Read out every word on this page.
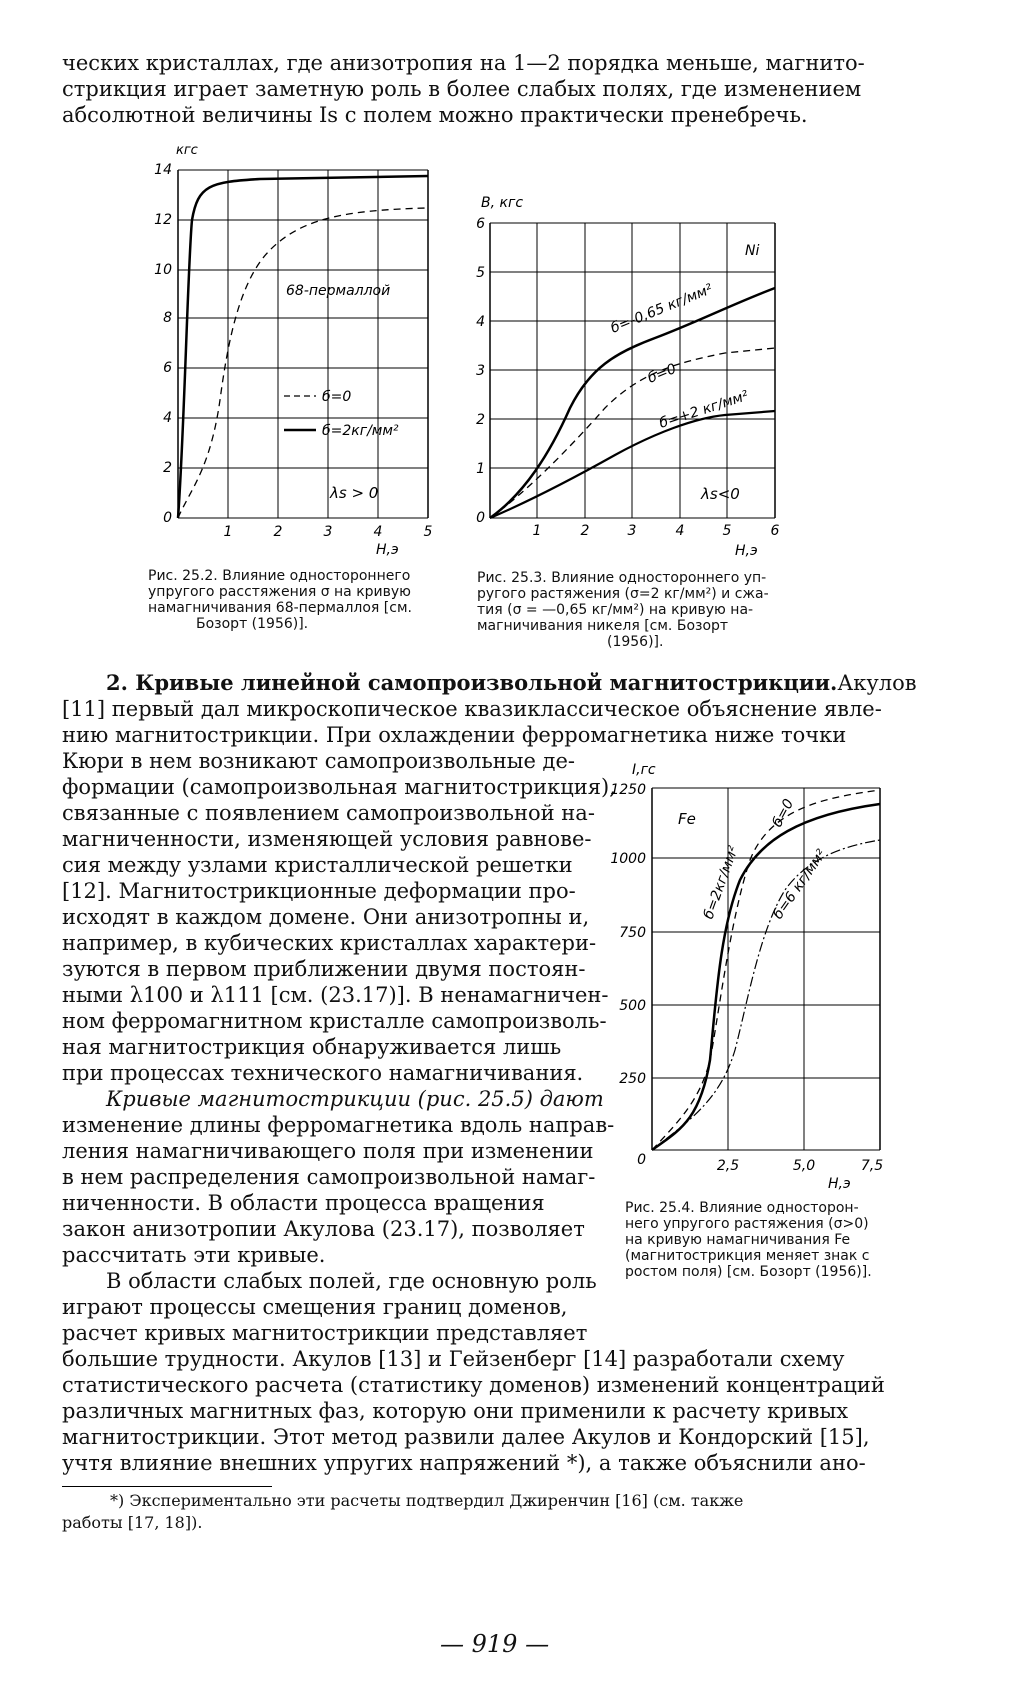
ческих кристаллах, где анизотропия на 1—2 порядка меньше, магнито-
стрикция играет заметную роль в более слабых полях, где изменением
абсолютной величины Is с полем можно практически пренебречь.
кгс
0
2
4
6
8
10
12
14
1	2	3	4	5
Н,э
68-пермаллой
б=0
б=2кг/мм²
λs > 0
Рис. 25.2. Влияние одностороннего
упругого расстяжения σ на кривую
намагничивания 68-пермаллоя [см.
Бозорт (1956)].
В, кгс
0
1
2
3
4
5
6
1	2	3	4	5	6
Н,э
Ni
б=-0,65 кг/мм²
б=0
б=+2 кг/мм²
λs<0
Рис. 25.3. Влияние одностороннего уп-
ругого растяжения (σ=2 кг/мм²) и сжа-
тия (σ = —0,65 кг/мм²) на кривую на-
магничивания никеля [см. Бозорт
(1956)].
2. Кривые линейной самопроизвольной магнитострикции. Акулов
[11] первый дал микроскопическое квазиклассическое объяснение явле-
нию магнитострикции. При охлаждении ферромагнетика ниже точки
Кюри в нем возникают самопроизвольные де-
формации (самопроизвольная магнитострикция),
связанные с появлением самопроизвольной на-
магниченности, изменяющей условия равнове-
сия между узлами кристаллической решетки
[12]. Магнитострикционные деформации про-
исходят в каждом домене. Они анизотропны и,
например, в кубических кристаллах характери-
зуются в первом приближении двумя постоян-
ными λ100 и λ111 [см. (23.17)]. В ненамагничен-
ном ферромагнитном кристалле самопроизволь-
ная магнитострикция обнаруживается лишь
при процессах технического намагничивания.
Кривые магнитострикции (рис. 25.5) дают
изменение длины ферромагнетика вдоль направ-
ления намагничивающего поля при изменении
в нем распределения самопроизвольной намаг-
ниченности. В области процесса вращения
закон анизотропии Акулова (23.17), позволяет
рассчитать эти кривые.
В области слабых полей, где основную роль
играют процессы смещения границ доменов,
расчет кривых магнитострикции представляет
I,гс
0
250
500
750
1000
1250
2,5	5,0	7,5
Н,э
Fe	б=0
б=2кг/мм² б=6 кг/мм²
Рис. 25.4. Влияние односторон-
него упругого растяжения (σ>0)
на кривую намагничивания Fe
(магнитострикция меняет знак с
ростом поля) [см. Бозорт (1956)].
большие трудности. Акулов [13] и Гейзенберг [14] разработали схему
статистического расчета (статистику доменов) изменений концентраций
различных магнитных фаз, которую они применили к расчету кривых
магнитострикции. Этот метод развили далее Акулов и Кондорский [15],
учтя влияние внешних упругих напряжений *), а также объяснили ано-
*) Экспериментально эти расчеты подтвердил Джиренчин [16] (см. также
работы [17, 18]).
— 919 —
